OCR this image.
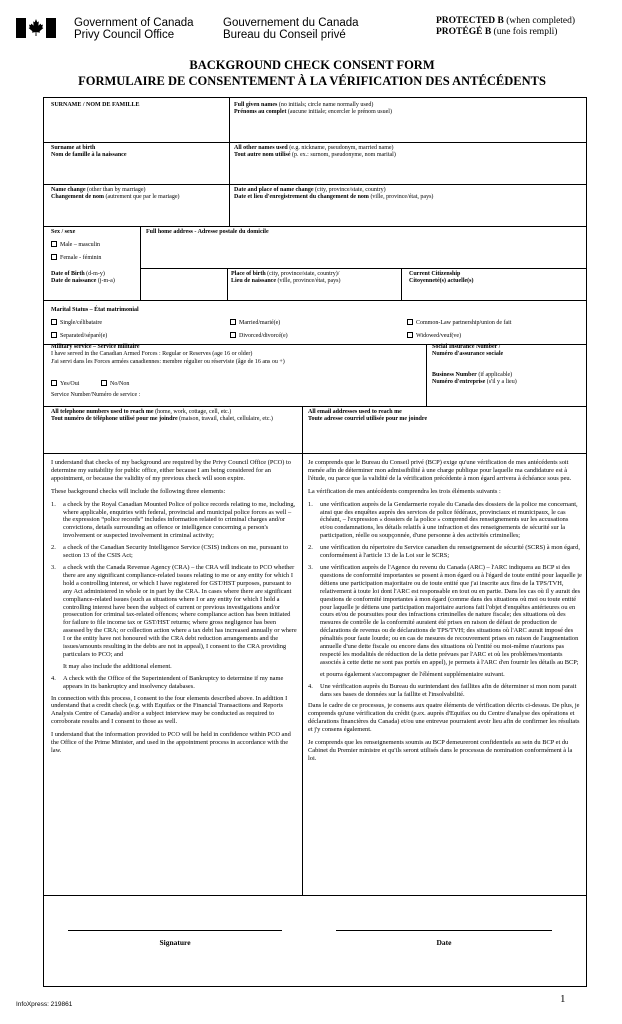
Government of Canada
Privy Council Office
Gouvernement du Canada
Bureau du Conseil privé
PROTECTED B (when completed)
PROTÉGÉ B (une fois rempli)
BACKGROUND CHECK CONSENT FORM
FORMULAIRE DE CONSENTEMENT À LA VÉRIFICATION DES ANTÉCÉDENTS
SURNAME / NOM DE FAMILLE	Full given names (no initials; circle name normally used)
Prénoms au complet (aucune initiale; encercler le prénom usuel)
Surname at birth
Nom de famille à la naissance
All other names used (e.g. nickname, pseudonym, married name)
Tout autre nom utilisé (p. ex.: surnom, pseudonyme, nom marital)
Name change (other than by marriage)
Changement de nom (autrement que par le mariage)
Date and place of name change (city, province/state, country)
Date et lieu d'enregistrement du changement de nom (ville, province/état, pays)
Sex / sexe
Male – masculin
Female - féminin
Full home address - Adresse postale du domicile
Date of Birth (d-m-y)
Date de naissance (j-m-a)
Place of birth (city, province/state, country)/
Lieu de naissance (ville, province/état, pays)
Current Citizenship
Citoyenneté(s) actuelle(s)
Marital Status – État matrimonial
Single/célibataire	Married/marié(e)	Common-Law partnership/union de fait
Separated/séparé(e)	Divorced/divorcé(e)	Widowed/veuf(ve)
Military service – Service militaire
I have served in the Canadian Armed Forces : Regular or Reserves (age 16 or older)
J'ai servi dans les Forces armées canadiennes: membre régulier ou réserviste (âge de 16 ans ou +)
Yes/Oui	No/Non
Service Number/Numéro de service :
Social Insurance Number /
Numéro d'assurance sociale
Business Number (if applicable)
Numéro d'entreprise (s'il y a lieu)
All telephone numbers used to reach me (home, work, cottage, cell, etc.)
Tout numéro de téléphone utilisé pour me joindre (maison, travail, chalet, cellulaire, etc.)
All email addresses used to reach me
Toute adresse courriel utilisée pour me joindre

I understand that checks of my background are required by the Privy Council Office (PCO) to determine my suitability for public office, either because I am being considered for an appointment, or because the validity of my previous check will soon expire.

These background checks will include the following three elements:

1. a check by the Royal Canadian Mounted Police of police records relating to me, including, where applicable, enquiries with federal, provincial and municipal police forces as well – the expression “police records” includes information related to criminal charges and/or convictions, details surrounding an offence or intelligence concerning a person's involvement or suspected involvement in criminal activity;
2. a check of the Canadian Security Intelligence Service (CSIS) indices on me, pursuant to section 13 of the CSIS Act;
3. a check with the Canada Revenue Agency (CRA) – the CRA will indicate to PCO whether there are any significant compliance-related issues relating to me or any entity for which I hold a controlling interest, or which I have registered for GST/HST purposes, pursuant to any Act administered in whole or in part by the CRA. In cases where there are significant compliance-related issues (such as situations where I or any entity for which I hold a controlling interest have been the subject of current or previous investigations and/or prosecution for criminal tax-related offences; where compliance action has been initiated for failure to file income tax or GST/HST returns; where gross negligence has been assessed by the CRA; or collection action where a tax debt has increased annually or where I or the entity have not honoured with the CRA debt reduction arrangements and the issues/amounts resulting in the debts are not in appeal), I consent to the CRA providing particulars to PCO; and
It may also include the additional element.
4. A check with the Office of the Superintendent of Bankruptcy to determine if my name appears in its bankruptcy and insolvency databases.

In connection with this process, I consent to the four elements described above. In addition I understand that a credit check (e.g. with Equifax or the Financial Transactions and Reports Analysis Centre of Canada) and/or a subject interview may be conducted as required to corroborate results and I consent to those as well.

I understand that the information provided to PCO will be held in confidence within PCO and the Office of the Prime Minister, and used in the appointment process in accordance with the law.

Je comprends que le Bureau du Conseil privé (BCP) exige qu'une vérification de mes antécédents soit menée afin de déterminer mon admissibilité à une charge publique pour laquelle ma candidature est à l'étude, ou parce que la validité de la vérification précédente à mon égard arrivera à échéance sous peu.

La vérification de mes antécédents comprendra les trois éléments suivants :

1. une vérification auprès de la Gendarmerie royale du Canada des dossiers de la police me concernant, ainsi que des enquêtes auprès des services de police fédéraux, provinciaux et municipaux, le cas échéant, – l'expression « dossiers de la police » comprend des renseignements sur les accusations et/ou condamnations, les détails relatifs à une infraction et des renseignements de sécurité sur la participation, réelle ou soupçonnée, d'une personne à des activités criminelles;
2. une vérification du répertoire du Service canadien du renseignement de sécurité (SCRS) à mon égard, conformément à l'article 13 de la Loi sur le SCRS;
3. une vérification auprès de l'Agence du revenu du Canada (ARC) – l'ARC indiquera au BCP si des questions de conformité importantes se posent à mon égard ou à l'égard de toute entité pour laquelle je détiens une participation majoritaire ou de toute entité que j'ai inscrite aux fins de la TPS/TVH, relativement à toute loi dont l'ARC est responsable en tout ou en partie. Dans les cas où il y aurait des questions de conformité importantes à mon égard (comme dans des situations où moi ou toute entité pour laquelle je détiens une participation majoritaire aurions fait l'objet d'enquêtes antérieures ou en cours et/ou de poursuites pour des infractions criminelles de nature fiscale; des situations où des mesures de contrôle de la conformité auraient été prises en raison de défaut de production de déclarations de revenus ou de déclarations de TPS/TVH; des situations où l'ARC aurait imposé des pénalités pour faute lourde; ou en cas de mesures de recouvrement prises en raison de l'augmentation annuelle d'une dette fiscale ou encore dans des situations où l'entité ou moi-même n'aurions pas respecté les modalités de réduction de la dette prévues par l'ARC et où les problèmes/montants associés à cette dette ne sont pas portés en appel), je permets à l'ARC d'en fournir les détails au BCP;
et pourra également s'accompagner de l'élément supplémentaire suivant.
4. Une vérification auprès du Bureau du surintendant des faillites afin de déterminer si mon nom parait dans ses bases de données sur la faillite et l'insolvabilité.

Dans le cadre de ce processus, je consens aux quatre éléments de vérification décrits ci-dessus. De plus, je comprends qu'une vérification du crédit (p.ex. auprès d'Equifax ou du Centre d'analyse des opérations et déclarations financières du Canada) et/ou une entrevue pourraient avoir lieu afin de confirmer les résultats et j'y consens également.

Je comprends que les renseignements soumis au BCP demeureront confidentiels au sein du BCP et du Cabinet du Premier ministre et qu'ils seront utilisés dans le processus de nomination conformément à la loi.

Signature	Date
InfoXpress: 219861	1
